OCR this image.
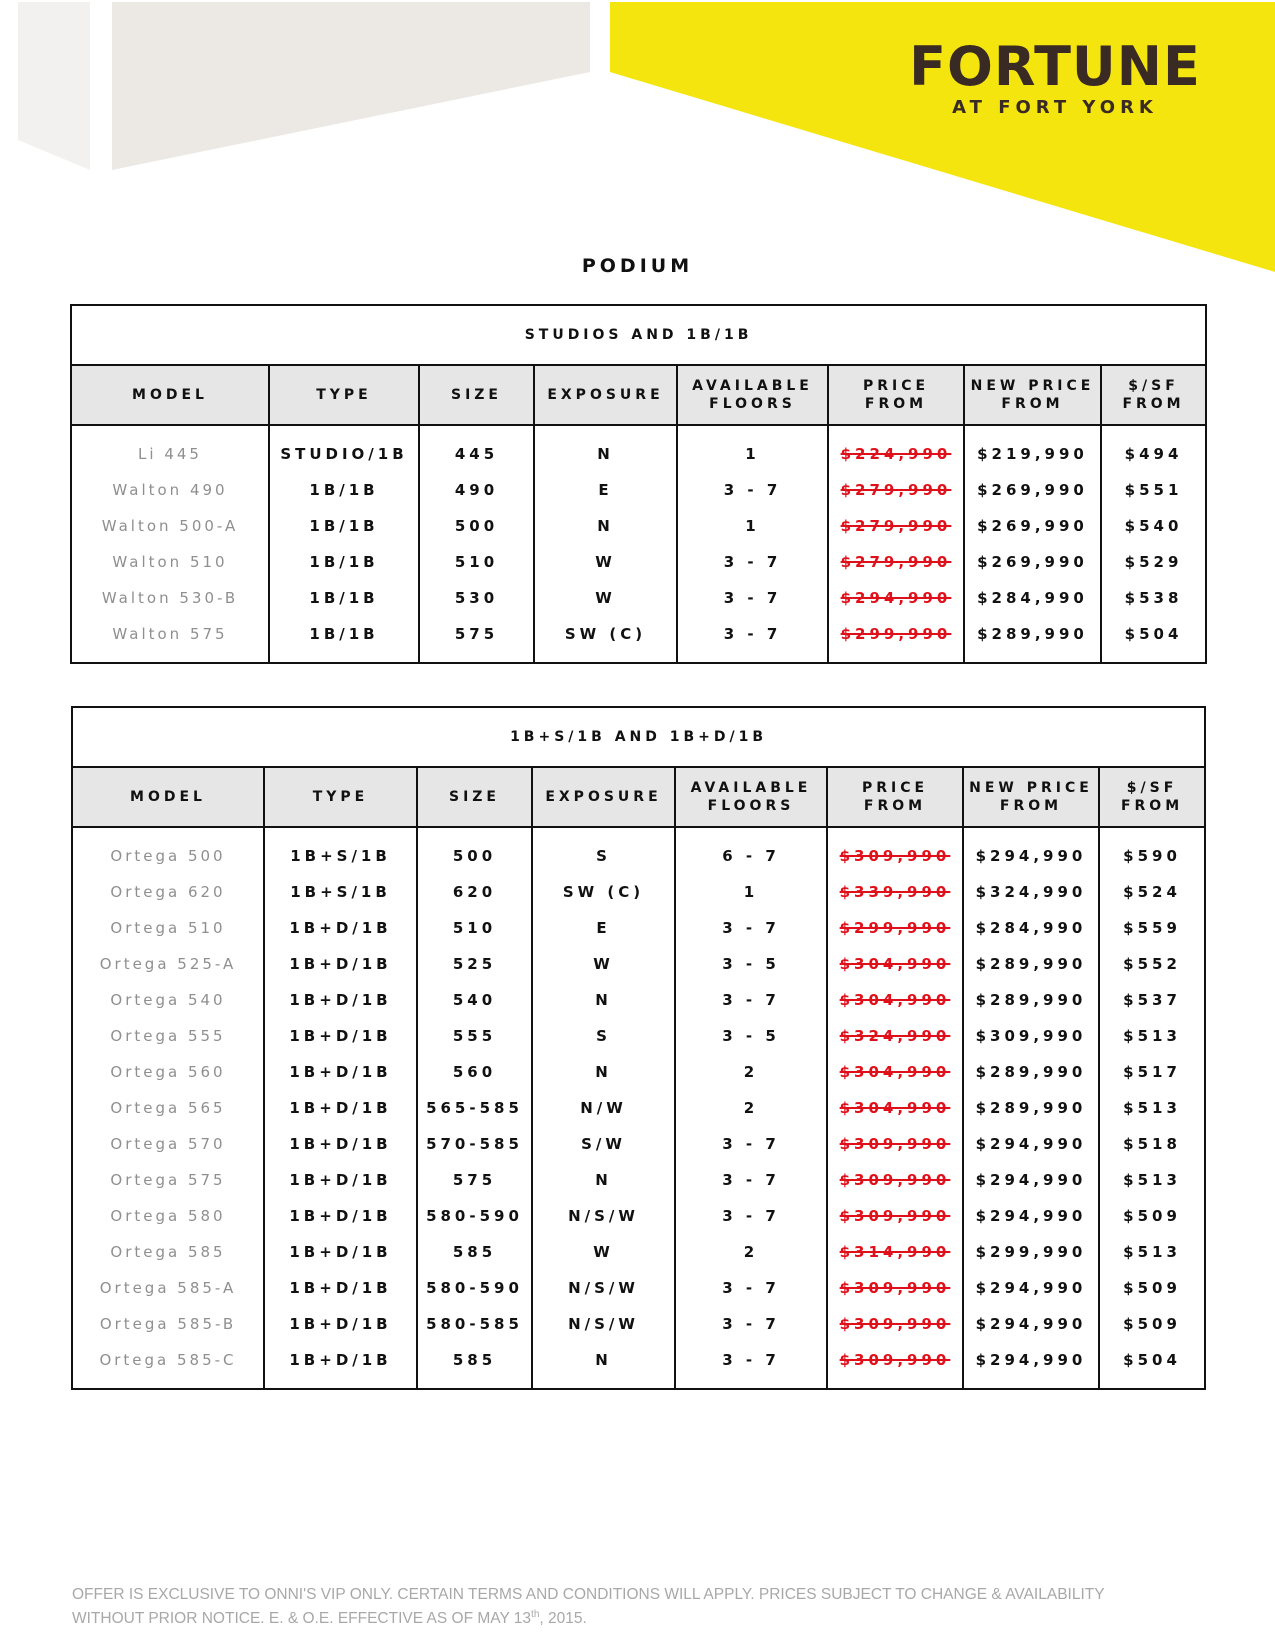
FORTUNE
AT FORT YORK
PODIUM
STUDIOS AND 1B/1B							
MODEL	TYPE	SIZE	EXPOSURE	AVAILABLE FLOORS	PRICE FROM	NEW PRICE FROM	$/SF FROM

Li 445	STUDIO/1B	445	N	1	$224,990	$219,990	$494
Walton 490	1B/1B	490	E	3 - 7	$279,990	$269,990	$551
Walton 500-A	1B/1B	500	N	1	$279,990	$269,990	$540
Walton 510	1B/1B	510	W	3 - 7	$279,990	$269,990	$529
Walton 530-B	1B/1B	530	W	3 - 7	$294,990	$284,990	$538
Walton 575	1B/1B	575	SW (C)	3 - 7	$299,990	$289,990	$504

1B+S/1B AND 1B+D/1B							
MODEL	TYPE	SIZE	EXPOSURE	AVAILABLE FLOORS	PRICE FROM	NEW PRICE FROM	$/SF FROM

Ortega 500	1B+S/1B	500	S	6 - 7	$309,990	$294,990	$590
Ortega 620	1B+S/1B	620	SW (C)	1	$339,990	$324,990	$524
Ortega 510	1B+D/1B	510	E	3 - 7	$299,990	$284,990	$559
Ortega 525-A	1B+D/1B	525	W	3 - 5	$304,990	$289,990	$552
Ortega 540	1B+D/1B	540	N	3 - 7	$304,990	$289,990	$537
Ortega 555	1B+D/1B	555	S	3 - 5	$324,990	$309,990	$513
Ortega 560	1B+D/1B	560	N	2	$304,990	$289,990	$517
Ortega 565	1B+D/1B	565-585	N/W	2	$304,990	$289,990	$513
Ortega 570	1B+D/1B	570-585	S/W	3 - 7	$309,990	$294,990	$518
Ortega 575	1B+D/1B	575	N	3 - 7	$309,990	$294,990	$513
Ortega 580	1B+D/1B	580-590	N/S/W	3 - 7	$309,990	$294,990	$509
Ortega 585	1B+D/1B	585	W	2	$314,990	$299,990	$513
Ortega 585-A	1B+D/1B	580-590	N/S/W	3 - 7	$309,990	$294,990	$509
Ortega 585-B	1B+D/1B	580-585	N/S/W	3 - 7	$309,990	$294,990	$509
Ortega 585-C	1B+D/1B	585	N	3 - 7	$309,990	$294,990	$504

OFFER IS EXCLUSIVE TO ONNI'S VIP ONLY. CERTAIN TERMS AND CONDITIONS WILL APPLY. PRICES SUBJECT TO CHANGE & AVAILABILITY
WITHOUT PRIOR NOTICE. E. & O.E. EFFECTIVE AS OF MAY 13th, 2015.
